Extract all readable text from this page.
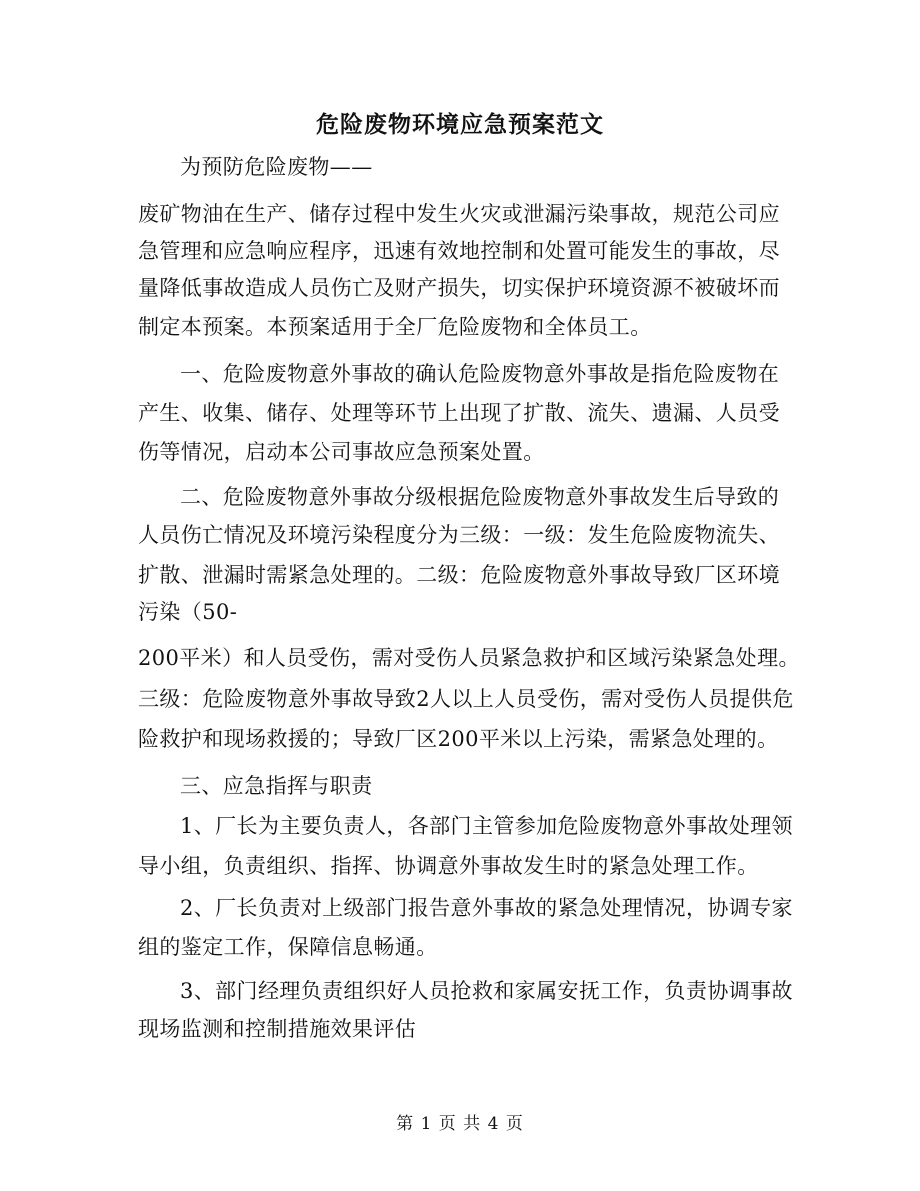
危险废物环境应急预案范文
为预防危险废物——
废矿物油在生产、储存过程中发生火灾或泄漏污染事故，规范公司应
急管理和应急响应程序，迅速有效地控制和处置可能发生的事故，尽
量降低事故造成人员伤亡及财产损失，切实保护环境资源不被破坏而
制定本预案。本预案适用于全厂危险废物和全体员工。
一、危险废物意外事故的确认危险废物意外事故是指危险废物在
产生、收集、储存、处理等环节上出现了扩散、流失、遗漏、人员受
伤等情况，启动本公司事故应急预案处置。
二、危险废物意外事故分级根据危险废物意外事故发生后导致的
人员伤亡情况及环境污染程度分为三级：一级：发生危险废物流失、
扩散、泄漏时需紧急处理的。二级：危险废物意外事故导致厂区环境
污染（50-
200平米）和人员受伤，需对受伤人员紧急救护和区域污染紧急处理。
三级：危险废物意外事故导致2人以上人员受伤，需对受伤人员提供危
险救护和现场救援的；导致厂区200平米以上污染，需紧急处理的。
三、应急指挥与职责
1、厂长为主要负责人，各部门主管参加危险废物意外事故处理领
导小组，负责组织、指挥、协调意外事故发生时的紧急处理工作。
2、厂长负责对上级部门报告意外事故的紧急处理情况，协调专家
组的鉴定工作，保障信息畅通。
3、部门经理负责组织好人员抢救和家属安抚工作，负责协调事故
现场监测和控制措施效果评估
第 1 页 共 4 页
